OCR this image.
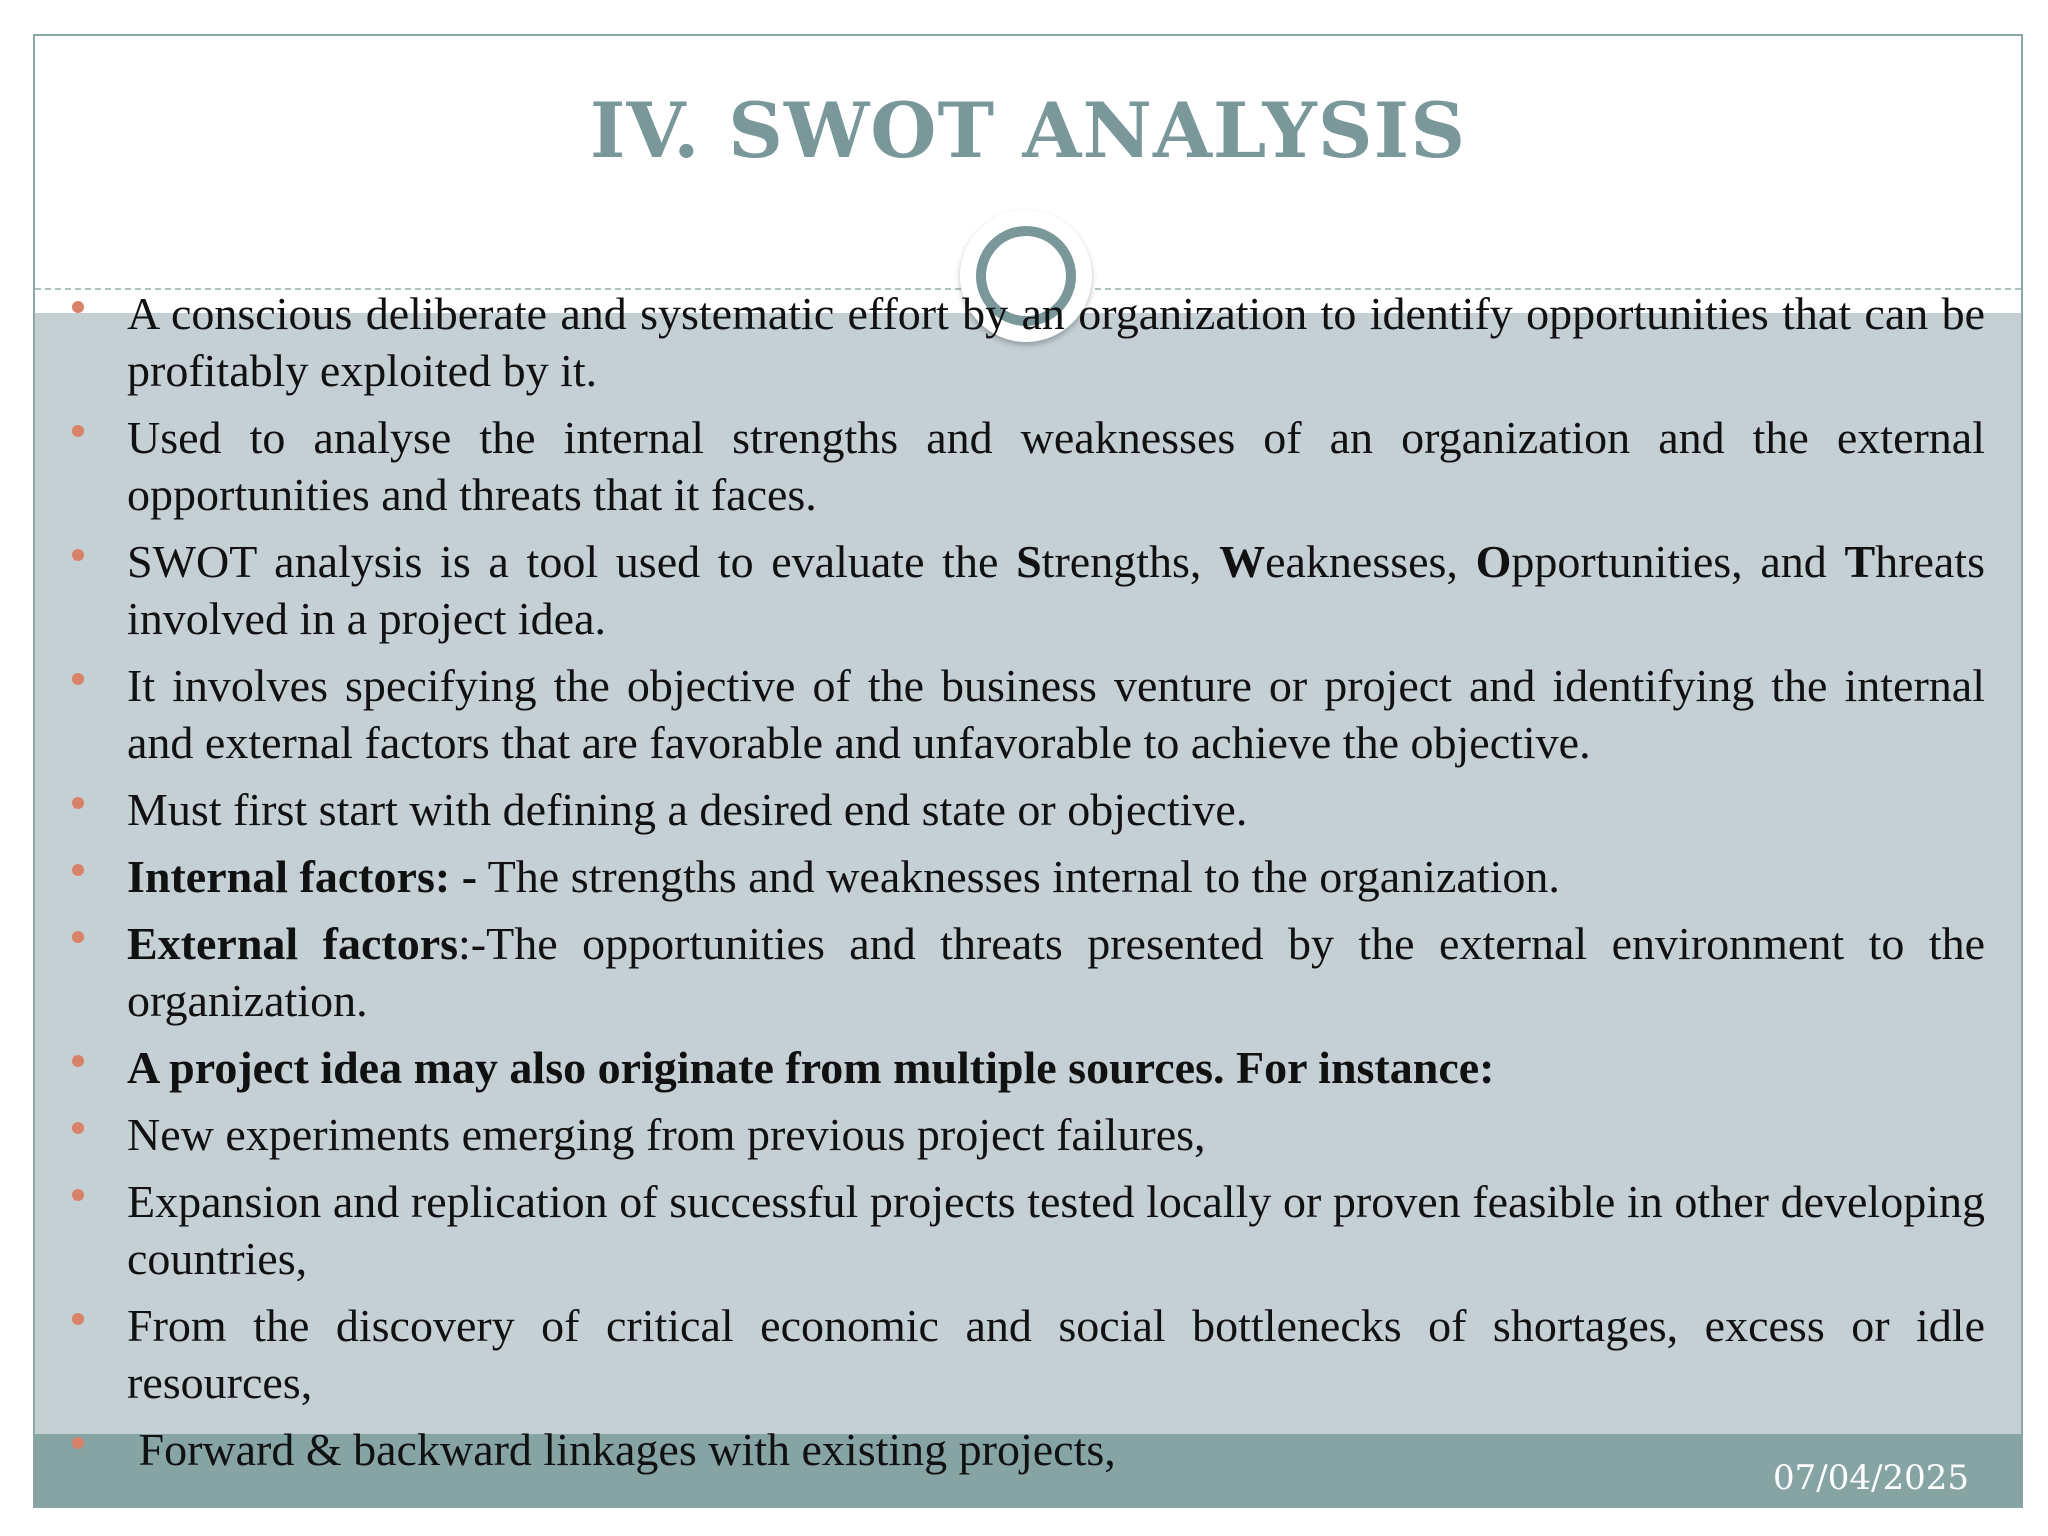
IV. SWOT ANALYSIS
07/04/2025
A conscious deliberate and systematic effort by an organization to identify opportunities that can be profitably exploited by it.
Used to analyse the internal strengths and weaknesses of an organization and the external opportunities and threats that it faces.
SWOT analysis is a tool used to evaluate the Strengths, Weaknesses, Opportunities, and Threats involved in a project idea.
It involves specifying the objective of the business venture or project and identifying the internal and external factors that are favorable and unfavorable to achieve the objective.
Must first start with defining a desired end state or objective.
Internal factors: - The strengths and weaknesses internal to the organization.
External factors:-The opportunities and threats presented by the external environment to the organization.
A project idea may also originate from multiple sources. For instance:
New experiments emerging from previous project failures,
Expansion and replication of successful projects tested locally or proven feasible in other developing countries,
From the discovery of critical economic and social bottlenecks of shortages, excess or idle resources,
Forward & backward linkages with existing projects,
